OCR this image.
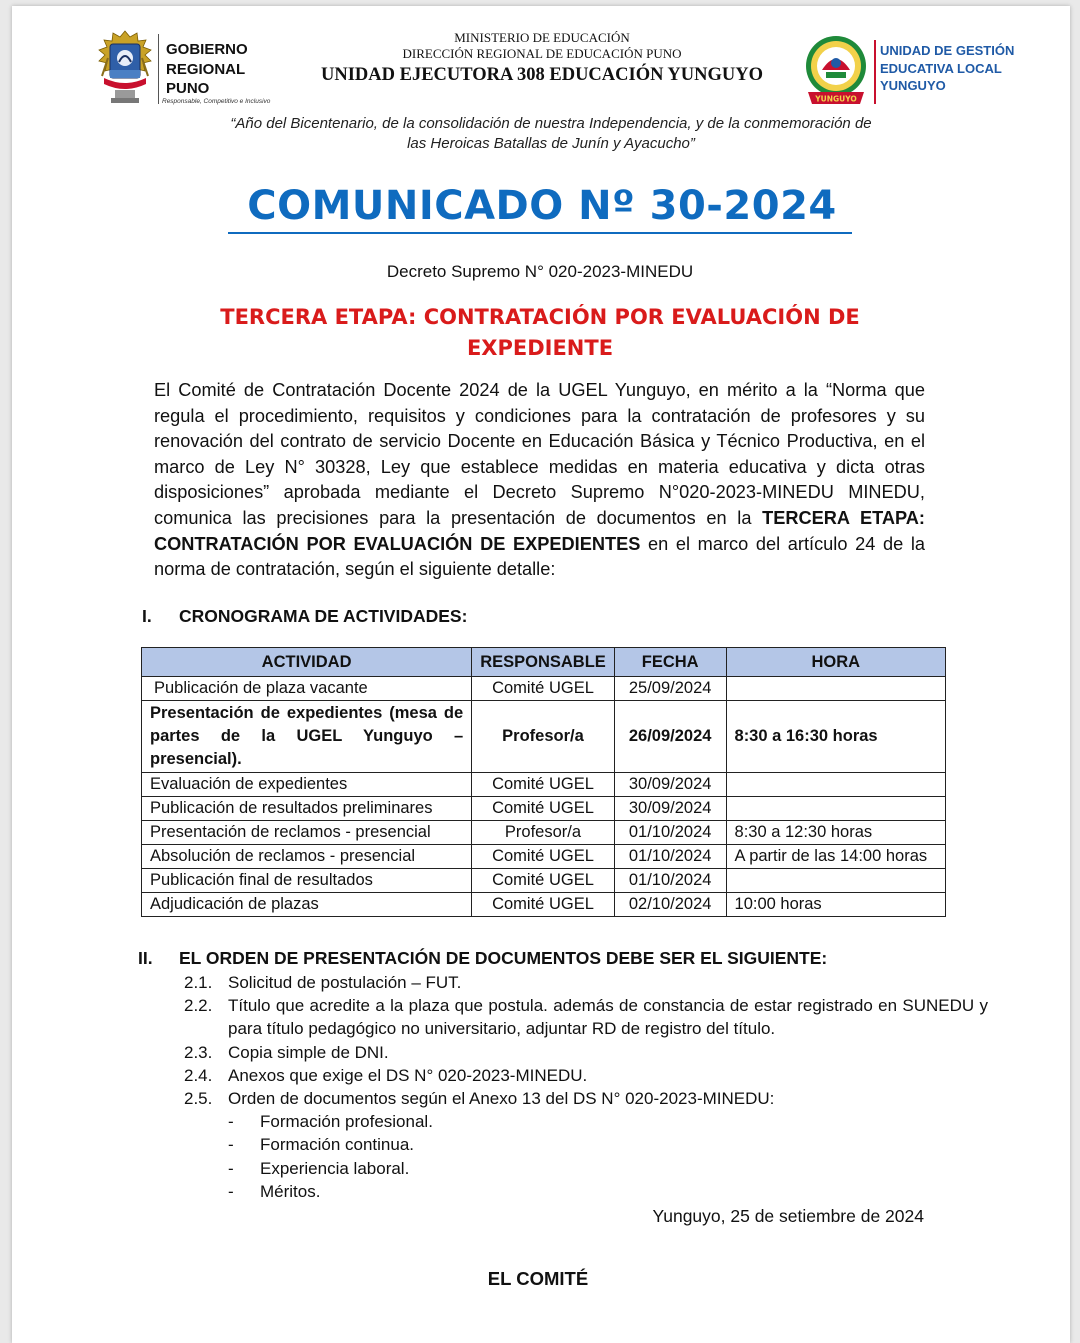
GOBIERNO
REGIONAL
PUNO
Responsable, Competitivo e Inclusivo
MINISTERIO DE EDUCACIÓN
DIRECCIÓN REGIONAL DE EDUCACIÓN PUNO
UNIDAD EJECUTORA 308 EDUCACIÓN YUNGUYO
YUNGUYO
UNIDAD DE GESTIÓN
EDUCATIVA LOCAL
YUNGUYO
“Año del Bicentenario, de la consolidación de nuestra Independencia, y de la conmemoración de
las Heroicas Batallas de Junín y Ayacucho”
COMUNICADO Nº 30-2024
Decreto Supremo N° 020-2023-MINEDU
TERCERA ETAPA: CONTRATACIÓN POR EVALUACIÓN DE
EXPEDIENTE
El Comité de Contratación Docente 2024 de la UGEL Yunguyo, en mérito a la “Norma que regula el procedimiento, requisitos y condiciones para la contratación de profesores y su renovación del contrato de servicio Docente en Educación Básica y Técnico Productiva, en el marco de Ley N° 30328, Ley que establece medidas en materia educativa y dicta otras disposiciones” aprobada mediante el Decreto Supremo N°020-2023-MINEDU MINEDU, comunica las precisiones para la presentación de documentos en la TERCERA ETAPA: CONTRATACIÓN POR EVALUACIÓN DE EXPEDIENTES en el marco del artículo 24 de la norma de contratación, según el siguiente detalle:
I. CRONOGRAMA DE ACTIVIDADES:
ACTIVIDAD	RESPONSABLE	FECHA	HORA
Publicación de plaza vacante	Comité UGEL	25/09/2024	
Presentación de expedientes (mesa de partes de la UGEL Yunguyo – presencial).	Profesor/a	26/09/2024	8:30 a 16:30 horas
Evaluación de expedientes	Comité UGEL	30/09/2024	
Publicación de resultados preliminares	Comité UGEL	30/09/2024	
Presentación de reclamos - presencial	Profesor/a	01/10/2024	8:30 a 12:30 horas
Absolución de reclamos - presencial	Comité UGEL	01/10/2024	A partir de las 14:00 horas
Publicación final de resultados	Comité UGEL	01/10/2024	
Adjudicación de plazas	Comité UGEL	02/10/2024	10:00 horas
II. EL ORDEN DE PRESENTACIÓN DE DOCUMENTOS DEBE SER EL SIGUIENTE:
2.1. Solicitud de postulación – FUT.
2.2. Título que acredite a la plaza que postula. además de constancia de estar registrado en SUNEDU y para título pedagógico no universitario, adjuntar RD de registro del título.
2.3. Copia simple de DNI.
2.4. Anexos que exige el DS N° 020-2023-MINEDU.
2.5. Orden de documentos según el Anexo 13 del DS N° 020-2023-MINEDU:
-	Formación profesional.
-	Formación continua.
-	Experiencia laboral.
-	Méritos.
Yunguyo, 25 de setiembre de 2024
EL COMITÉ
